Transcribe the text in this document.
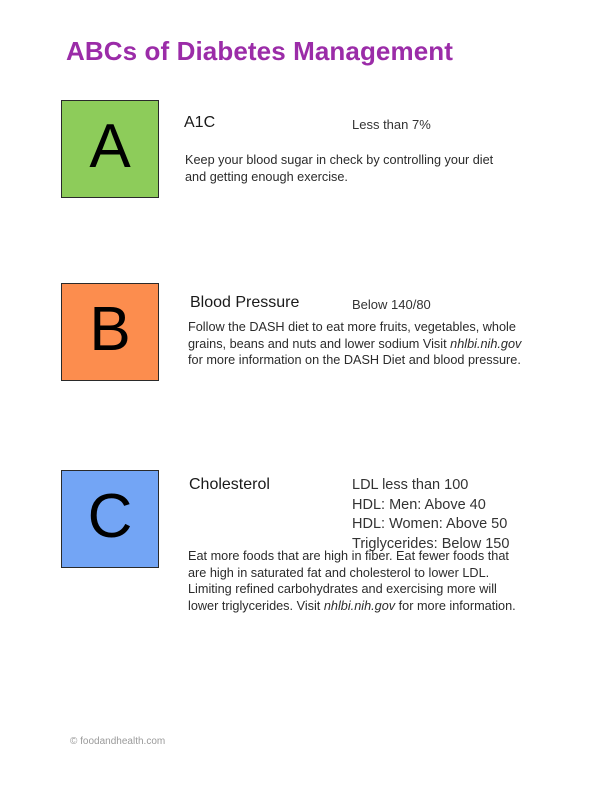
ABCs of Diabetes Management
A	A1C	Less than 7%
Keep your blood sugar in check by controlling your diet and getting enough exercise.
B	Blood Pressure	Below 140/80
Follow the DASH diet to eat more fruits, vegetables, whole grains, beans and nuts and lower sodium Visit nhlbi.nih.gov for more information on the DASH Diet and blood pressure.
C	Cholesterol	LDL less than 100
HDL: Men: Above 40
HDL: Women: Above 50
Triglycerides: Below 150
Eat more foods that are high in fiber. Eat fewer foods that are high in saturated fat and cholesterol to lower LDL. Limiting refined carbohydrates and exercising more will lower triglycerides. Visit nhlbi.nih.gov for more information.
© foodandhealth.com
